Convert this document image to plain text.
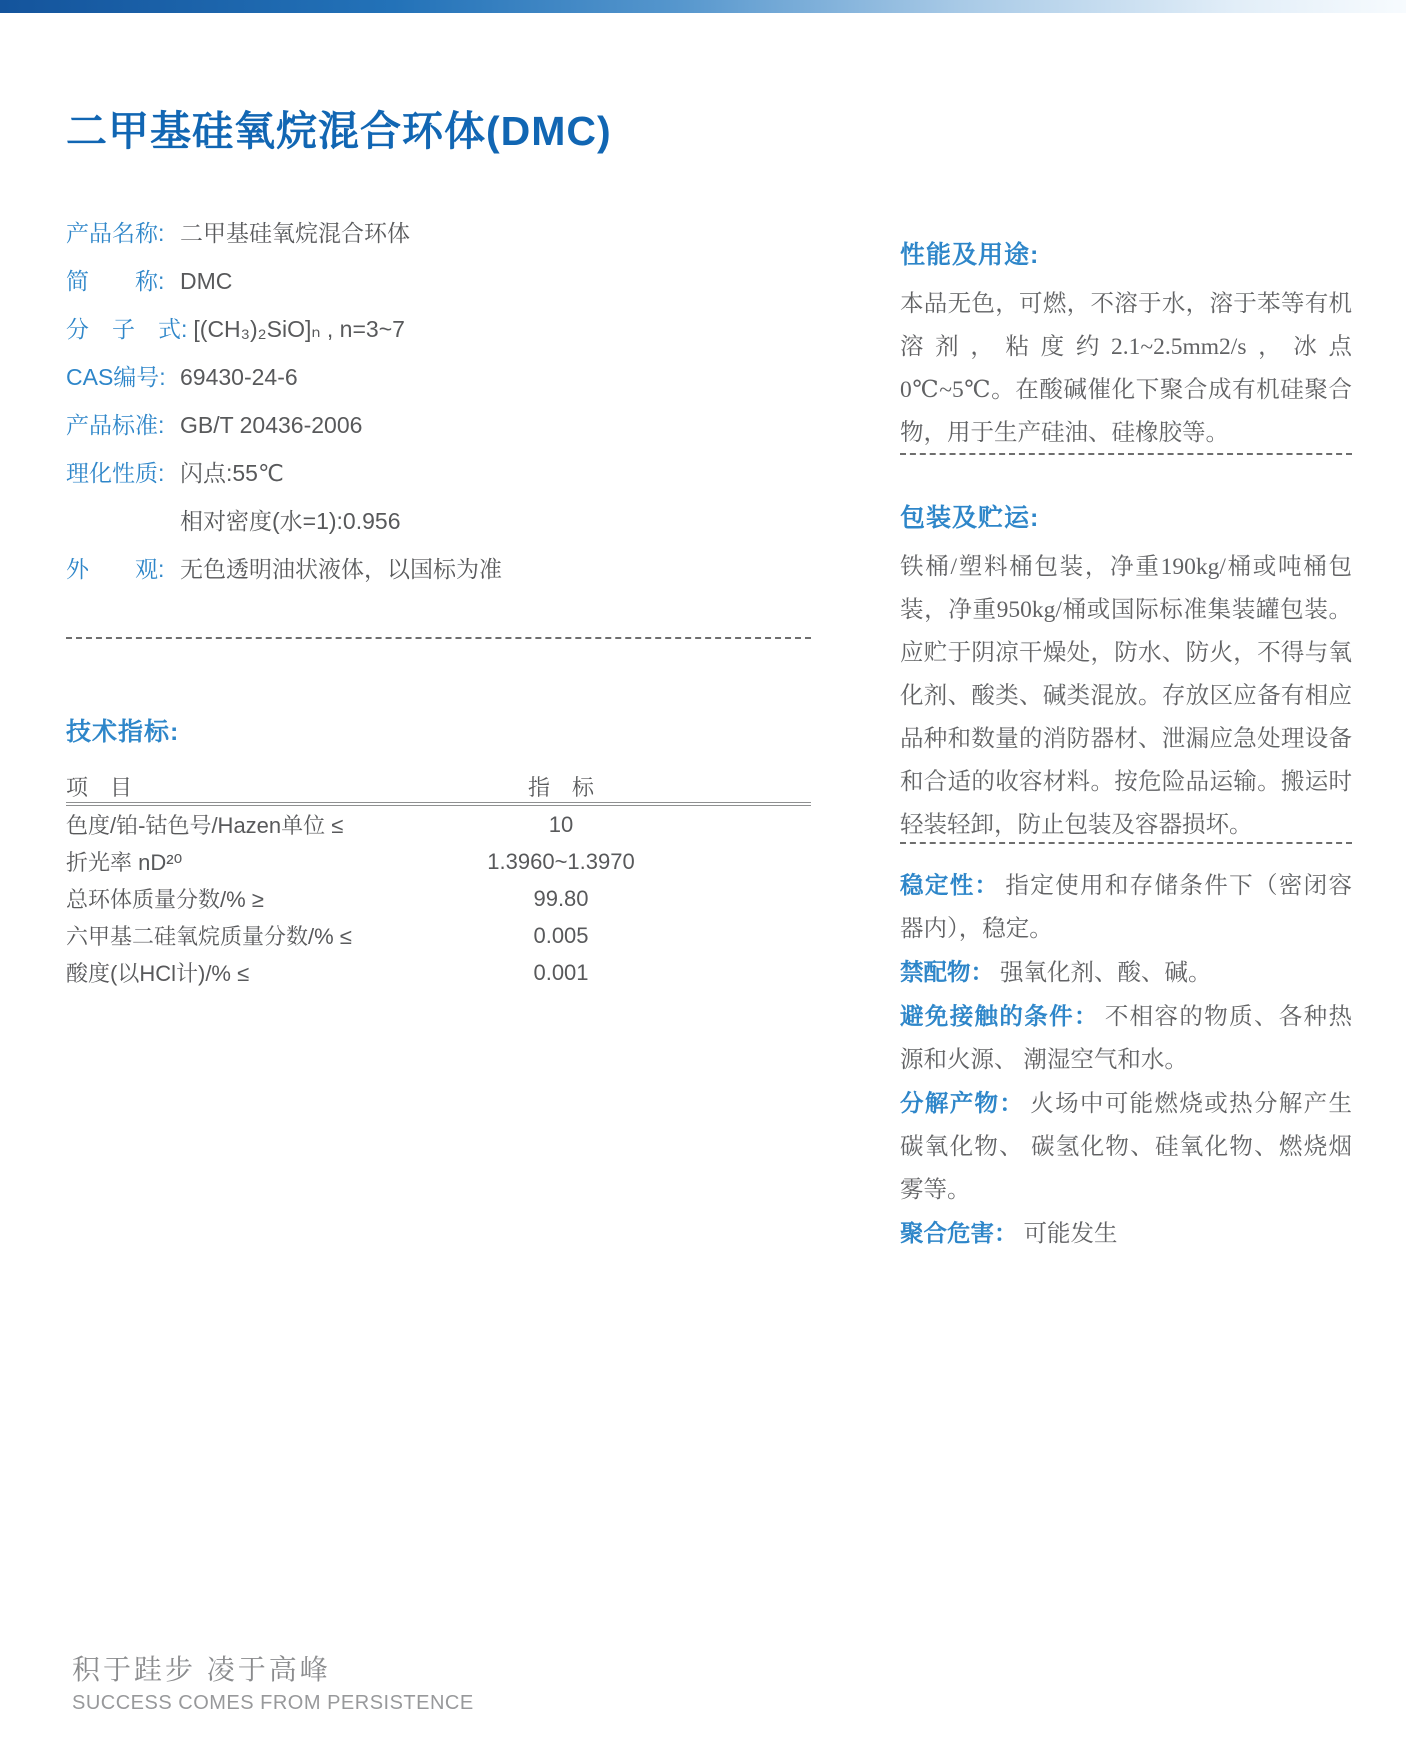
二甲基硅氧烷混合环体(DMC)
产品名称: 二甲基硅氧烷混合环体
简　　称: DMC
分　子　式: [(CH₃)₂SiO]ₙ , n=3~7
CAS编号: 69430-24-6
产品标准: GB/T 20436-2006
理化性质: 闪点:55℃
相对密度(水=1):0.956
外　　观: 无色透明油状液体，以国标为准
技术指标:
项　目	指　标
色度/铂-钴色号/Hazen单位 ≤	10
折光率 nD²⁰	1.3960~1.3970
总环体质量分数/% ≥	99.80
六甲基二硅氧烷质量分数/% ≤	0.005
酸度(以HCl计)/% ≤	0.001
性能及用途:
本品无色，可燃，不溶于水，溶于苯等有机溶剂，粘度约2.1~2.5mm2/s，冰点0℃~5℃。在酸碱催化下聚合成有机硅聚合物，用于生产硅油、硅橡胶等。
包装及贮运:
铁桶/塑料桶包装，净重190kg/桶或吨桶包装，净重950kg/桶或国际标准集装罐包装。应贮于阴凉干燥处，防水、防火，不得与氧化剂、酸类、碱类混放。存放区应备有相应品种和数量的消防器材、泄漏应急处理设备和合适的收容材料。按危险品运输。搬运时轻装轻卸，防止包装及容器损坏。

稳定性： 指定使用和存储条件下（密闭容器内），稳定。

禁配物： 强氧化剂、酸、碱。

避免接触的条件： 不相容的物质、各种热源和火源、 潮湿空气和水。

分解产物： 火场中可能燃烧或热分解产生碳氧化物、 碳氢化物、硅氧化物、燃烧烟雾等。

聚合危害： 可能发生

积于跬步 凌于高峰
SUCCESS COMES FROM PERSISTENCE
